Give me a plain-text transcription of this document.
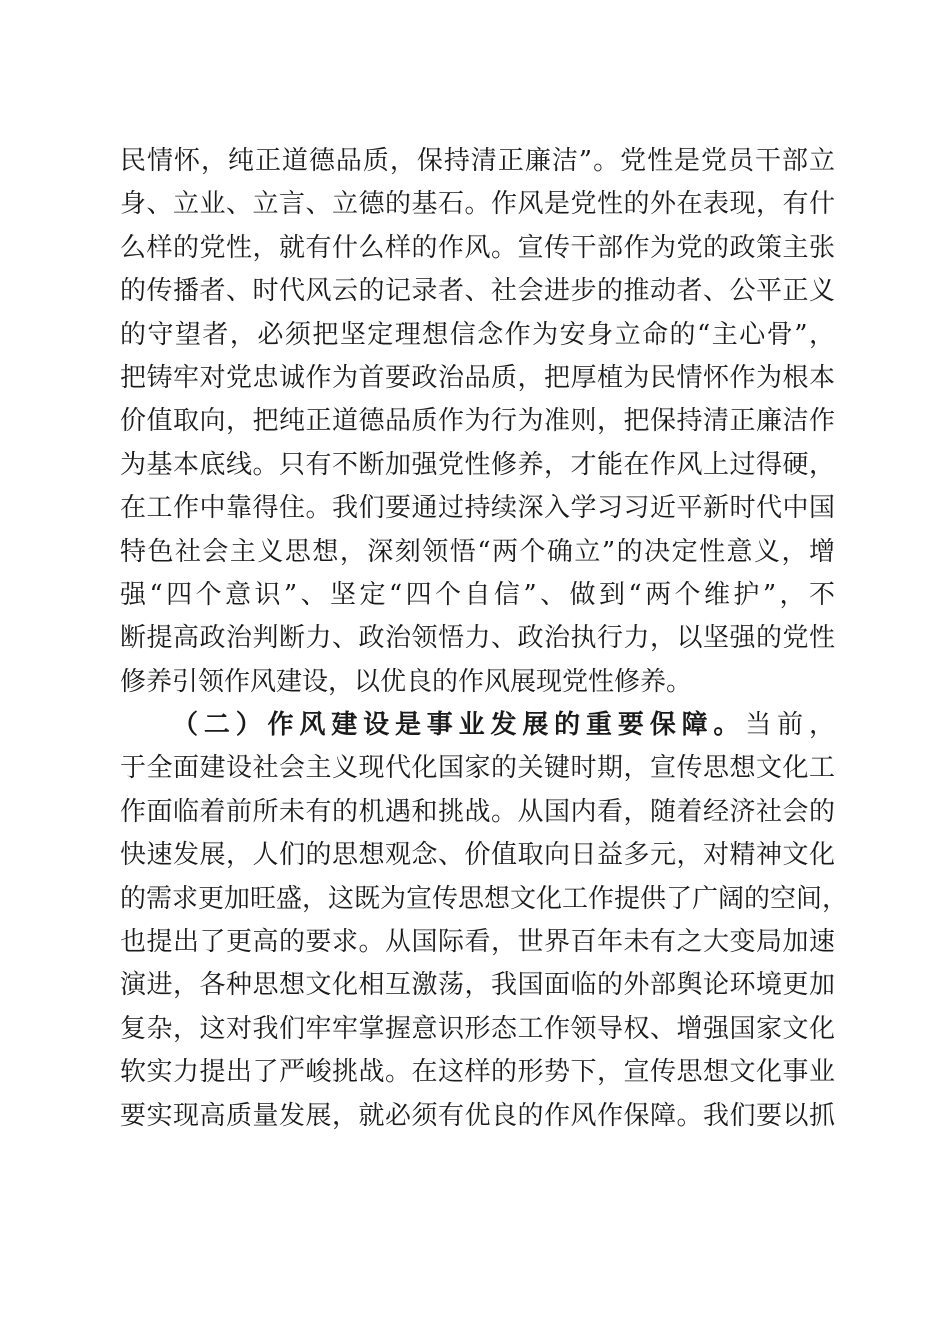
民情怀，纯正道德品质，保持清正廉洁”。党性是党员干部立
身、立业、立言、立德的基石。作风是党性的外在表现，有什
么样的党性，就有什么样的作风。宣传干部作为党的政策主张
的传播者、时代风云的记录者、社会进步的推动者、公平正义
的守望者，必须把坚定理想信念作为安身立命的“主心骨”，
把铸牢对党忠诚作为首要政治品质，把厚植为民情怀作为根本
价值取向，把纯正道德品质作为行为准则，把保持清正廉洁作
为基本底线。只有不断加强党性修养，才能在作风上过得硬，
在工作中靠得住。我们要通过持续深入学习习近平新时代中国
特色社会主义思想，深刻领悟“两个确立”的决定性意义，增
强“四个意识”、坚定“四个自信”、做到“两个维护”，不
断提高政治判断力、政治领悟力、政治执行力，以坚强的党性
修养引领作风建设，以优良的作风展现党性修养。
（二）作风建设是事业发展的重要保障。当前，
于全面建设社会主义现代化国家的关键时期，宣传思想文化工
作面临着前所未有的机遇和挑战。从国内看，随着经济社会的
快速发展，人们的思想观念、价值取向日益多元，对精神文化
的需求更加旺盛，这既为宣传思想文化工作提供了广阔的空间，
也提出了更高的要求。从国际看，世界百年未有之大变局加速
演进，各种思想文化相互激荡，我国面临的外部舆论环境更加
复杂，这对我们牢牢掌握意识形态工作领导权、增强国家文化
软实力提出了严峻挑战。在这样的形势下，宣传思想文化事业
要实现高质量发展，就必须有优良的作风作保障。我们要以抓
